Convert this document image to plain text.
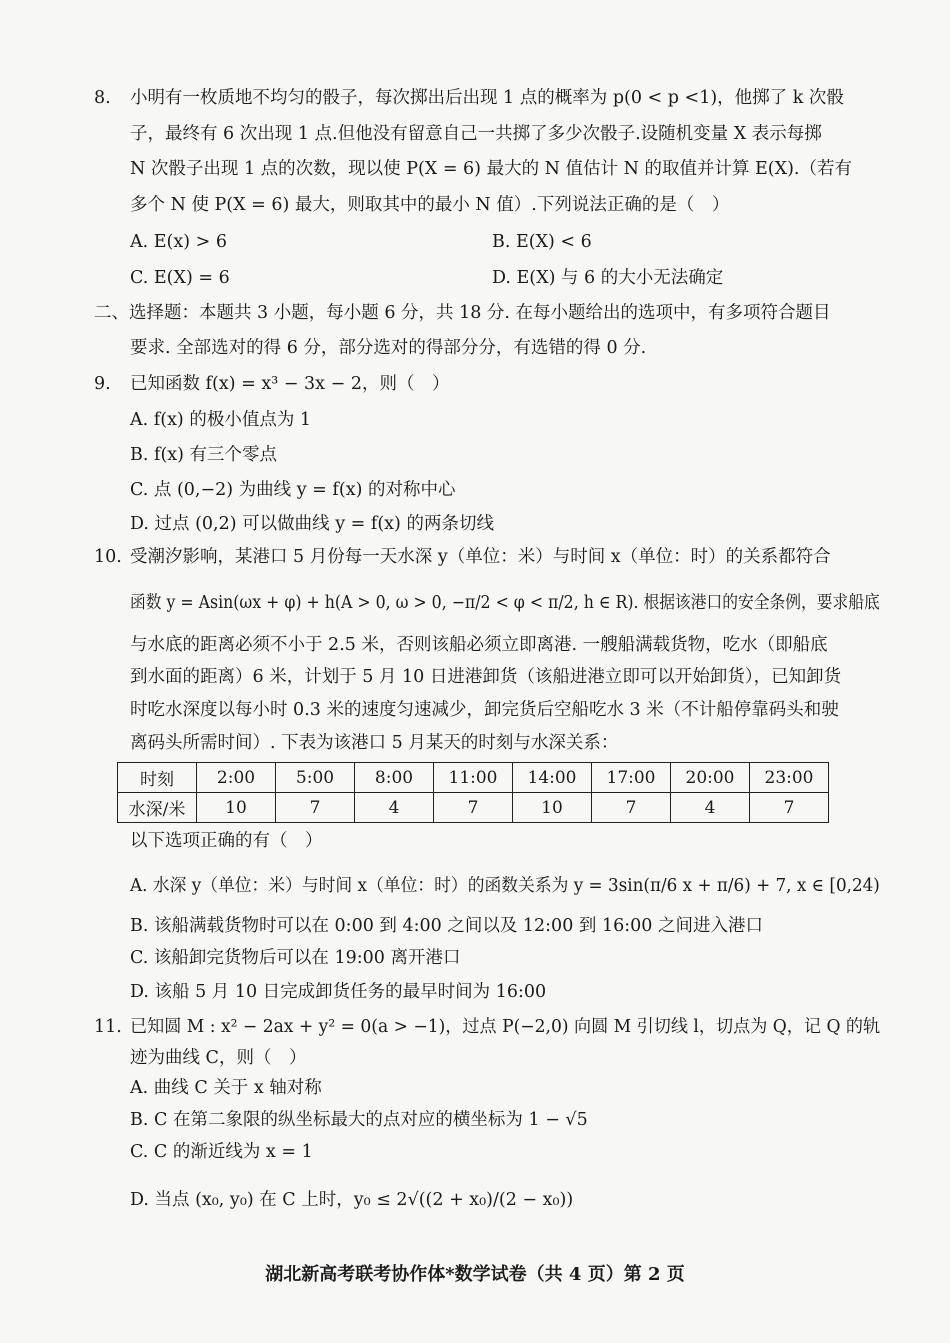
8. 小明有一枚质地不均匀的骰子，每次掷出后出现 1 点的概率为 p(0 < p <1)，他掷了 k 次骰
子，最终有 6 次出现 1 点.但他没有留意自己一共掷了多少次骰子.设随机变量 X 表示每掷
N 次骰子出现 1 点的次数，现以使 P(X = 6) 最大的 N 值估计 N 的取值并计算 E(X).（若有
多个 N 使 P(X = 6) 最大，则取其中的最小 N 值）.下列说法正确的是（　）
A. E(x) > 6	B. E(X) < 6
C. E(X) = 6	D. E(X) 与 6 的大小无法确定
二、选择题：本题共 3 小题，每小题 6 分，共 18 分. 在每小题给出的选项中，有多项符合题目
要求. 全部选对的得 6 分，部分选对的得部分分，有选错的得 0 分.
9. 已知函数 f(x) = x³ − 3x − 2，则（　）
A. f(x) 的极小值点为 1
B. f(x) 有三个零点
C. 点 (0,−2) 为曲线 y = f(x) 的对称中心
D. 过点 (0,2) 可以做曲线 y = f(x) 的两条切线
10. 受潮汐影响，某港口 5 月份每一天水深 y（单位：米）与时间 x（单位：时）的关系都符合
函数 y = Asin(ωx + φ) + h(A > 0, ω > 0, −π/2 < φ < π/2, h ∈ R). 根据该港口的安全条例，要求船底
与水底的距离必须不小于 2.5 米，否则该船必须立即离港. 一艘船满载货物，吃水（即船底
到水面的距离）6 米，计划于 5 月 10 日进港卸货（该船进港立即可以开始卸货），已知卸货
时吃水深度以每小时 0.3 米的速度匀速减少，卸完货后空船吃水 3 米（不计船停靠码头和驶
离码头所需时间）. 下表为该港口 5 月某天的时刻与水深关系：
时刻	2:00	5:00	8:00	11:00	14:00	17:00	20:00	23:00
水深/米	10	7	4	7	10	7	4	7
以下选项正确的有（　）
A. 水深 y（单位：米）与时间 x（单位：时）的函数关系为 y = 3sin(π/6 x + π/6) + 7, x ∈ [0,24)
B. 该船满载货物时可以在 0:00 到 4:00 之间以及 12:00 到 16:00 之间进入港口
C. 该船卸完货物后可以在 19:00 离开港口
D. 该船 5 月 10 日完成卸货任务的最早时间为 16:00
11. 已知圆 M : x² − 2ax + y² = 0(a > −1)，过点 P(−2,0) 向圆 M 引切线 l，切点为 Q，记 Q 的轨
迹为曲线 C，则（　）
A. 曲线 C 关于 x 轴对称
B. C 在第二象限的纵坐标最大的点对应的横坐标为 1 − √5
C. C 的渐近线为 x = 1
D. 当点 (x₀, y₀) 在 C 上时，y₀ ≤ 2√((2 + x₀)/(2 − x₀))
湖北新高考联考协作体*数学试卷（共 4 页）第 2 页
